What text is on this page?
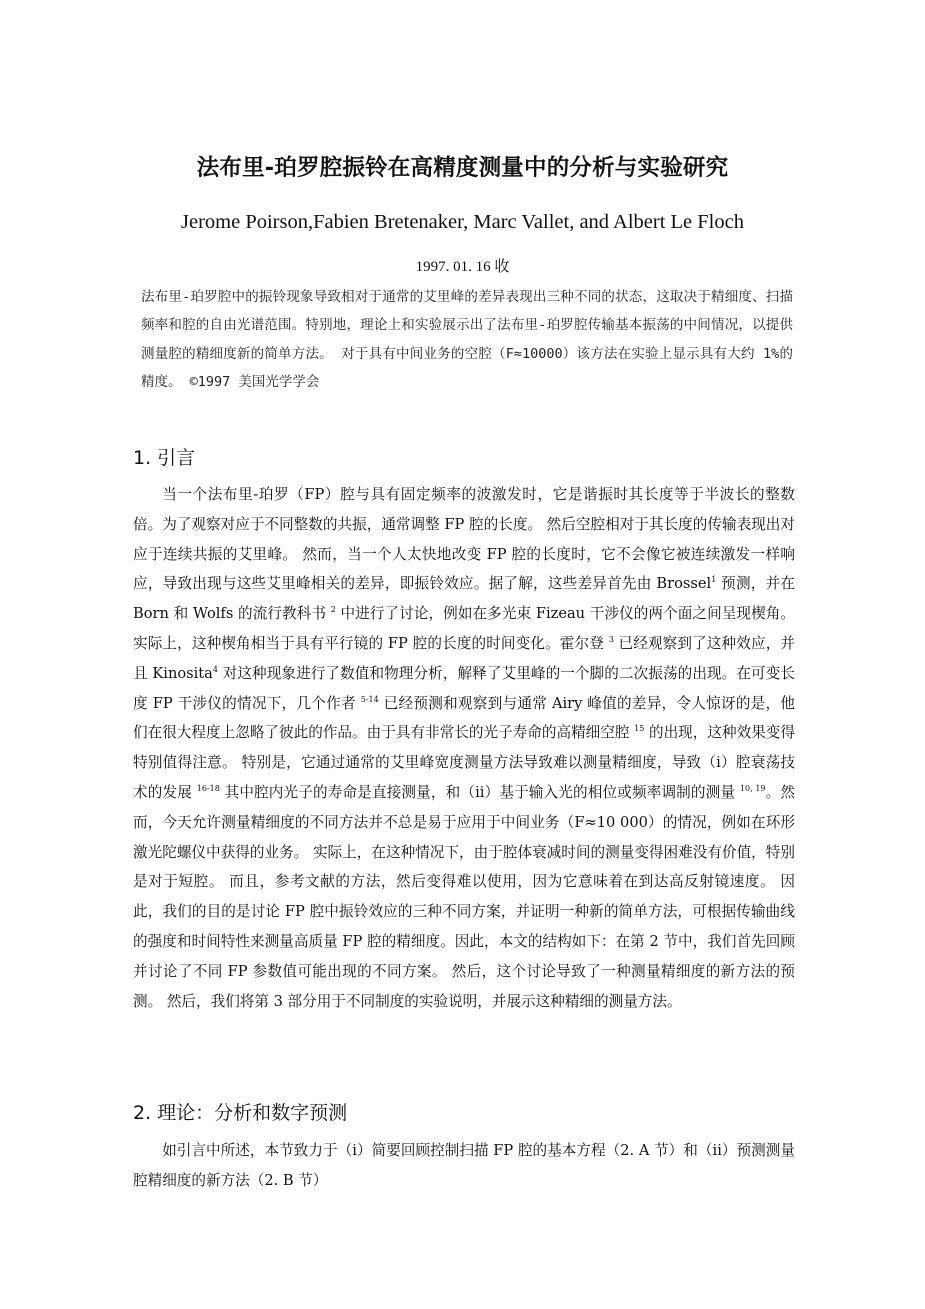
法布里-珀罗腔振铃在高精度测量中的分析与实验研究

Jerome Poirson,Fabien Bretenaker, Marc Vallet, and Albert Le Floch

1997. 01. 16 收

法布里-珀罗腔中的振铃现象导致相对于通常的艾里峰的差异表现出三种不同的状态，这取决于精细度、扫描频率和腔的自由光谱范围。特别地，理论上和实验展示出了法布里-珀罗腔传输基本振荡的中间情况，以提供测量腔的精细度新的简单方法。 对于具有中间业务的空腔（F≈10000）该方法在实验上显示具有大约 1%的精度。 ©1997 美国光学学会

1. 引言

当一个法布里-珀罗（FP）腔与具有固定频率的波激发时，它是谐振时其长度等于半波长的整数倍。为了观察对应于不同整数的共振，通常调整 FP 腔的长度。 然后空腔相对于其长度的传输表现出对应于连续共振的艾里峰。 然而，当一个人太快地改变 FP 腔的长度时，它不会像它被连续激发一样响应，导致出现与这些艾里峰相关的差异，即振铃效应。据了解，这些差异首先由 Brossel$^1$ 预测，并在 Born 和 Wolfs 的流行教科书 $^2$ 中进行了讨论，例如在多光束 Fizeau 干涉仪的两个面之间呈现楔角。 实际上，这种楔角相当于具有平行镜的 FP 腔的长度的时间变化。霍尔登 $^3$ 已经观察到了这种效应，并且 Kinosita$^4$ 对这种现象进行了数值和物理分析，解释了艾里峰的一个脚的二次振荡的出现。在可变长度 FP 干涉仪的情况下，几个作者 $^{5-14}$ 已经预测和观察到与通常 Airy 峰值的差异，令人惊讶的是，他们在很大程度上忽略了彼此的作品。由于具有非常长的光子寿命的高精细空腔 $^{15}$ 的出现，这种效果变得特别值得注意。 特别是，它通过通常的艾里峰宽度测量方法导致难以测量精细度，导致（i）腔衰荡技术的发展 $^{16-18}$ 其中腔内光子的寿命是直接测量，和（ii）基于输入光的相位或频率调制的测量 $^{10, 19}$。然而，今天允许测量精细度的不同方法并不总是易于应用于中间业务（F≈10 000）的情况，例如在环形激光陀螺仪中获得的业务。 实际上，在这种情况下，由于腔体衰减时间的测量变得困难没有价值，特别是对于短腔。 而且，参考文献的方法，然后变得难以使用，因为它意味着在到达高反射镜速度。 因此，我们的目的是讨论 FP 腔中振铃效应的三种不同方案，并证明一种新的简单方法，可根据传输曲线的强度和时间特性来测量高质量 FP 腔的精细度。因此，本文的结构如下：在第 2 节中，我们首先回顾并讨论了不同 FP 参数值可能出现的不同方案。 然后，这个讨论导致了一种测量精细度的新方法的预测。 然后，我们将第 3 部分用于不同制度的实验说明，并展示这种精细的测量方法。

2. 理论：分析和数字预测

如引言中所述，本节致力于（i）简要回顾控制扫描 FP 腔的基本方程（2. A 节）和（ii）预测测量腔精细度的新方法（2. B 节）
